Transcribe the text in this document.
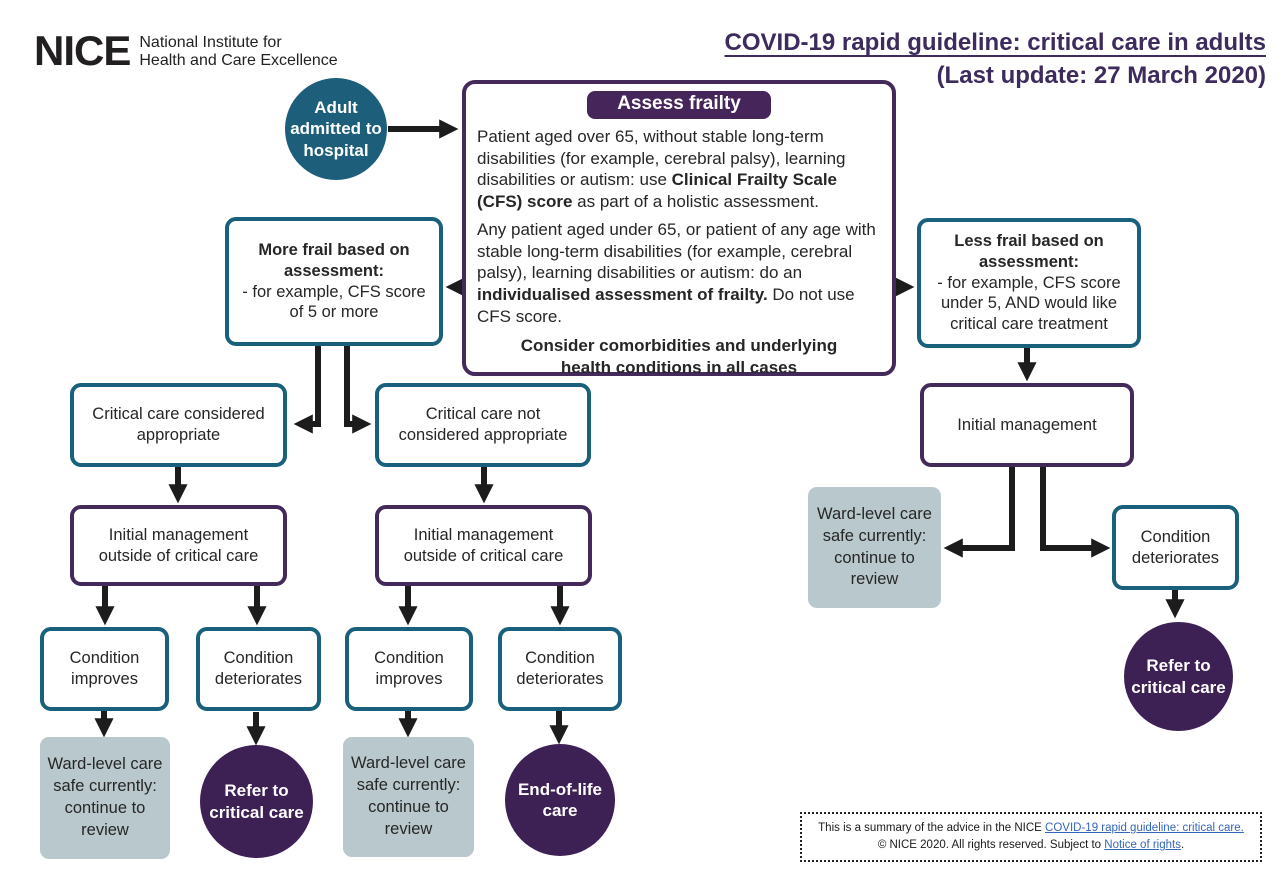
NICE National Institute for
Health and Care Excellence
COVID-19 rapid guideline: critical care in adults
(Last update: 27 March 2020)
Adult admitted to hospital
Assess frailty

Patient aged over 65, without stable long-term disabilities (for example, cerebral palsy), learning disabilities or autism: use Clinical Frailty Scale (CFS) score as part of a holistic assessment.

Any patient aged under 65, or patient of any age with stable long-term disabilities (for example, cerebral palsy), learning disabilities or autism: do an individualised assessment of frailty. Do not use CFS score.

Consider comorbidities and underlying health conditions in all cases

More frail based on assessment:
- for example, CFS score of 5 or more
Less frail based on assessment:
- for example, CFS score under 5, AND would like critical care treatment
Critical care considered appropriate
Critical care not considered appropriate
Initial management outside of critical care
Initial management outside of critical care
Initial management
Condition improves
Condition deteriorates
Condition improves
Condition deteriorates
Condition deteriorates
Ward-level care safe currently: continue to review
Ward-level care safe currently: continue to review
Ward-level care safe currently: continue to review
Refer to critical care
End-of-life care
Refer to critical care

This is a summary of the advice in the NICE COVID-19 rapid guideline: critical care.

© NICE 2020. All rights reserved. Subject to Notice of rights.
